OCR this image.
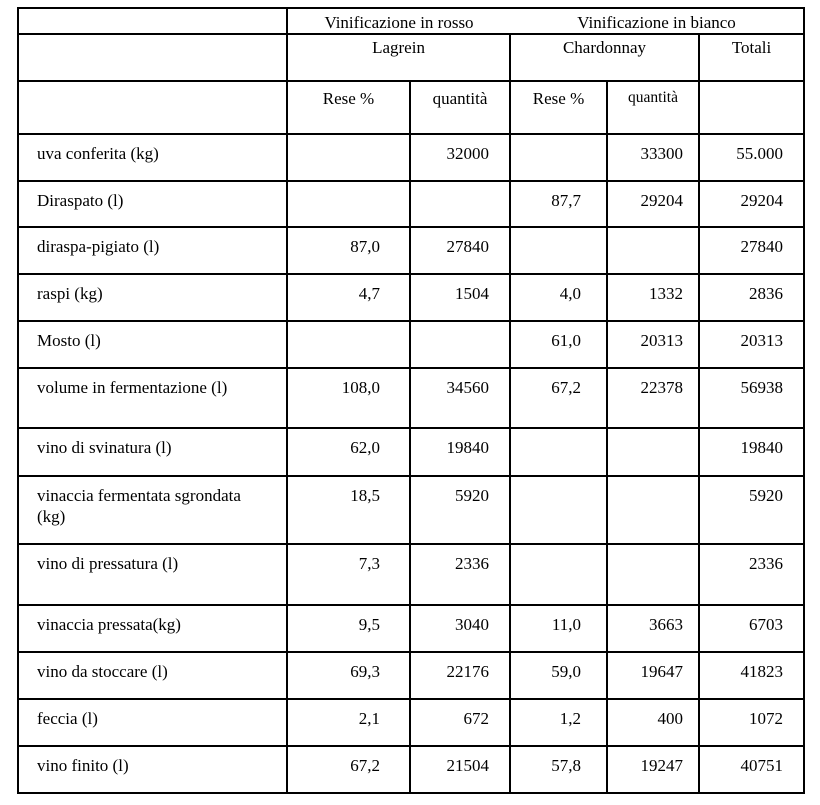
	Vinificazione in rosso		Vinificazione in bianco		
	Lagrein		Chardonnay		Totali
	Rese %	quantità	Rese %	quantità	
uva conferita (kg)		32000		33300	55.000
Diraspato (l)			87,7	29204	29204
diraspa-pigiato (l)	87,0	27840			27840
raspi (kg)	4,7	1504	4,0	1332	2836
Mosto (l)			61,0	20313	20313
volume in fermentazione (l)	108,0	34560	67,2	22378	56938
vino di svinatura (l)	62,0	19840			19840
vinaccia fermentata sgrondata (kg)	18,5	5920			5920
vino di pressatura (l)	7,3	2336			2336
vinaccia pressata(kg)	9,5	3040	11,0	3663	6703
vino da stoccare (l)	69,3	22176	59,0	19647	41823
feccia (l)	2,1	672	1,2	400	1072
vino finito (l)	67,2	21504	57,8	19247	40751
